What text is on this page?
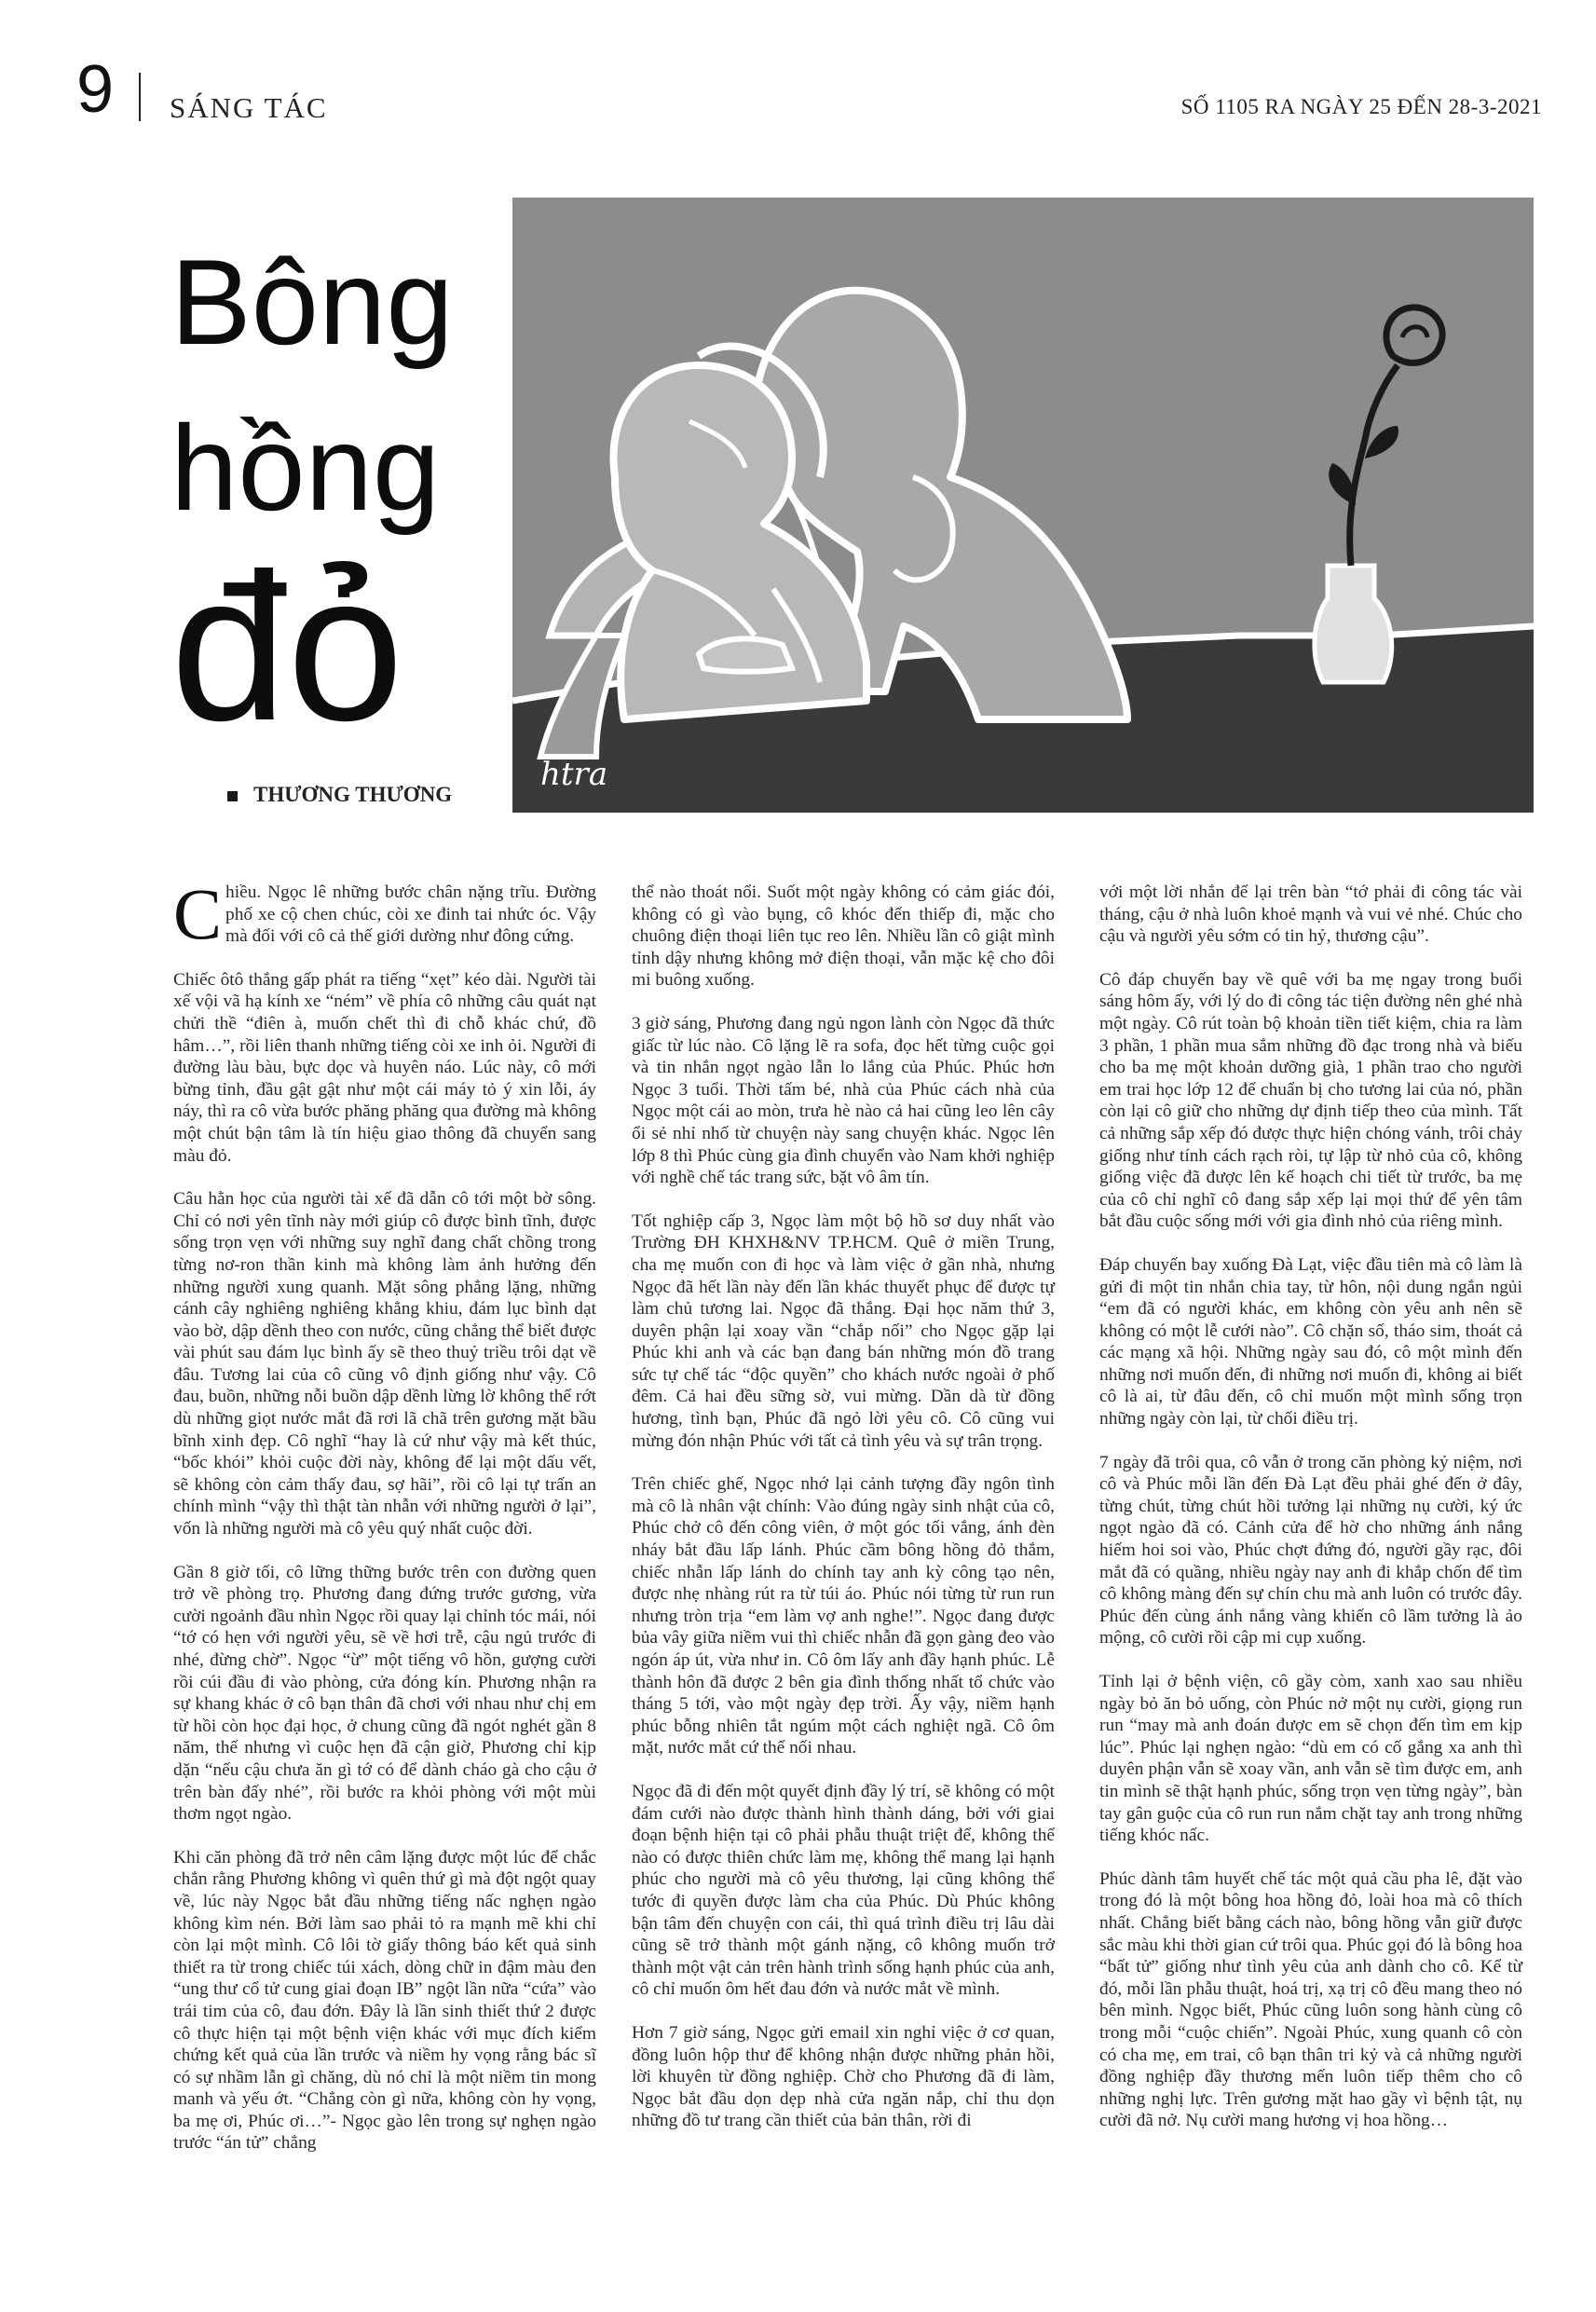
9 SÁNG TÁC	SỐ 1105 RA NGÀY 25 ĐẾN 28-3-2021
Bông
hồng
đỏ
THƯƠNG THƯƠNG
htra

Chiều. Ngọc lê những bước chân nặng trĩu. Đường phố xe cộ chen chúc, còi xe đinh tai nhức óc. Vậy mà đối với cô cả thế giới dường như đông cứng.

Chiếc ôtô thắng gấp phát ra tiếng “xẹt” kéo dài. Người tài xế vội vã hạ kính xe “ném” về phía cô những câu quát nạt chửi thề “điên à, muốn chết thì đi chỗ khác chứ, đồ hâm…”, rồi liên thanh những tiếng còi xe inh ỏi. Người đi đường làu bàu, bực dọc và huyên náo. Lúc này, cô mới bừng tỉnh, đầu gật gật như một cái máy tỏ ý xin lỗi, áy náy, thì ra cô vừa bước phăng phăng qua đường mà không một chút bận tâm là tín hiệu giao thông đã chuyển sang màu đỏ.

Câu hằn học của người tài xế đã dẫn cô tới một bờ sông. Chỉ có nơi yên tĩnh này mới giúp cô được bình tĩnh, được sống trọn vẹn với những suy nghĩ đang chất chồng trong từng nơ-ron thần kinh mà không làm ảnh hưởng đến những người xung quanh. Mặt sông phẳng lặng, những cánh cây nghiêng nghiêng khẳng khiu, đám lục bình dạt vào bờ, dập dềnh theo con nước, cũng chẳng thể biết được vài phút sau đám lục bình ấy sẽ theo thuỷ triều trôi dạt về đâu. Tương lai của cô cũng vô định giống như vậy. Cô đau, buồn, những nỗi buồn dập dềnh lừng lờ không thể rớt dù những giọt nước mắt đã rơi lã chã trên gương mặt bầu bĩnh xinh đẹp. Cô nghĩ “hay là cứ như vậy mà kết thúc, “bốc khói” khỏi cuộc đời này, không để lại một dấu vết, sẽ không còn cảm thấy đau, sợ hãi”, rồi cô lại tự trấn an chính mình “vậy thì thật tàn nhẫn với những người ở lại”, vốn là những người mà cô yêu quý nhất cuộc đời.

Gần 8 giờ tối, cô lững thững bước trên con đường quen trở về phòng trọ. Phương đang đứng trước gương, vừa cười ngoảnh đầu nhìn Ngọc rồi quay lại chỉnh tóc mái, nói “tớ có hẹn với người yêu, sẽ về hơi trễ, cậu ngủ trước đi nhé, đừng chờ”. Ngọc “ừ” một tiếng vô hồn, gượng cười rồi cúi đầu đi vào phòng, cửa đóng kín. Phương nhận ra sự khang khác ở cô bạn thân đã chơi với nhau như chị em từ hồi còn học đại học, ở chung cũng đã ngót nghét gần 8 năm, thế nhưng vì cuộc hẹn đã cận giờ, Phương chỉ kịp dặn “nếu cậu chưa ăn gì tớ có để dành cháo gà cho cậu ở trên bàn đấy nhé”, rồi bước ra khỏi phòng với một mùi thơm ngọt ngào.

Khi căn phòng đã trở nên câm lặng được một lúc để chắc chắn rằng Phương không vì quên thứ gì mà đột ngột quay về, lúc này Ngọc bắt đầu những tiếng nấc nghẹn ngào không kìm nén. Bởi làm sao phải tỏ ra mạnh mẽ khi chỉ còn lại một mình. Cô lôi tờ giấy thông báo kết quả sinh thiết ra từ trong chiếc túi xách, dòng chữ in đậm màu đen “ung thư cổ tử cung giai đoạn IB” ngột lần nữa “cứa” vào trái tim của cô, đau đớn. Đây là lần sinh thiết thứ 2 được cô thực hiện tại một bệnh viện khác với mục đích kiểm chứng kết quả của lần trước và niềm hy vọng rằng bác sĩ có sự nhầm lẫn gì chăng, dù nó chỉ là một niềm tin mong manh và yếu ớt. “Chẳng còn gì nữa, không còn hy vọng, ba mẹ ơi, Phúc ơi…”- Ngọc gào lên trong sự nghẹn ngào trước “án tử” chẳng

thể nào thoát nổi. Suốt một ngày không có cảm giác đói, không có gì vào bụng, cô khóc đến thiếp đi, mặc cho chuông điện thoại liên tục reo lên. Nhiều lần cô giật mình tỉnh dậy nhưng không mở điện thoại, vẫn mặc kệ cho đôi mi buông xuống.

3 giờ sáng, Phương đang ngủ ngon lành còn Ngọc đã thức giấc từ lúc nào. Cô lặng lẽ ra sofa, đọc hết từng cuộc gọi và tin nhắn ngọt ngào lẫn lo lắng của Phúc. Phúc hơn Ngọc 3 tuổi. Thời tấm bé, nhà của Phúc cách nhà của Ngọc một cái ao mòn, trưa hè nào cả hai cũng leo lên cây ổi sẻ nhỉ nhố từ chuyện này sang chuyện khác. Ngọc lên lớp 8 thì Phúc cùng gia đình chuyển vào Nam khởi nghiệp với nghề chế tác trang sức, bặt vô âm tín.

Tốt nghiệp cấp 3, Ngọc làm một bộ hồ sơ duy nhất vào Trường ĐH KHXH&NV TP.HCM. Quê ở miền Trung, cha mẹ muốn con đi học và làm việc ở gần nhà, nhưng Ngọc đã hết lần này đến lần khác thuyết phục để được tự làm chủ tương lai. Ngọc đã thắng. Đại học năm thứ 3, duyên phận lại xoay vần “chắp nối” cho Ngọc gặp lại Phúc khi anh và các bạn đang bán những món đồ trang sức tự chế tác “độc quyền” cho khách nước ngoài ở phố đêm. Cả hai đều sững sờ, vui mừng. Dần dà từ đồng hương, tình bạn, Phúc đã ngỏ lời yêu cô. Cô cũng vui mừng đón nhận Phúc với tất cả tình yêu và sự trân trọng.

Trên chiếc ghế, Ngọc nhớ lại cảnh tượng đầy ngôn tình mà cô là nhân vật chính: Vào đúng ngày sinh nhật của cô, Phúc chở cô đến công viên, ở một góc tối vắng, ánh đèn nháy bắt đầu lấp lánh. Phúc cầm bông hồng đỏ thắm, chiếc nhẫn lấp lánh do chính tay anh kỳ công tạo nên, được nhẹ nhàng rút ra từ túi áo. Phúc nói từng từ run run nhưng tròn trịa “em làm vợ anh nghe!”. Ngọc đang được bủa vây giữa niềm vui thì chiếc nhẫn đã gọn gàng đeo vào ngón áp út, vừa như in. Cô ôm lấy anh đầy hạnh phúc. Lễ thành hôn đã được 2 bên gia đình thống nhất tổ chức vào tháng 5 tới, vào một ngày đẹp trời. Ấy vậy, niềm hạnh phúc bỗng nhiên tắt ngúm một cách nghiệt ngã. Cô ôm mặt, nước mắt cứ thế nối nhau.

Ngọc đã đi đến một quyết định đầy lý trí, sẽ không có một đám cưới nào được thành hình thành dáng, bởi với giai đoạn bệnh hiện tại cô phải phẫu thuật triệt để, không thể nào có được thiên chức làm mẹ, không thể mang lại hạnh phúc cho người mà cô yêu thương, lại cũng không thể tước đi quyền được làm cha của Phúc. Dù Phúc không bận tâm đến chuyện con cái, thì quá trình điều trị lâu dài cũng sẽ trở thành một gánh nặng, cô không muốn trở thành một vật cản trên hành trình sống hạnh phúc của anh, cô chỉ muốn ôm hết đau đớn và nước mắt về mình.

Hơn 7 giờ sáng, Ngọc gửi email xin nghỉ việc ở cơ quan, đồng luôn hộp thư để không nhận được những phản hồi, lời khuyên từ đồng nghiệp. Chờ cho Phương đã đi làm, Ngọc bắt đầu dọn dẹp nhà cửa ngăn nắp, chỉ thu dọn những đồ tư trang cần thiết của bản thân, rời đi

với một lời nhắn để lại trên bàn “tớ phải đi công tác vài tháng, cậu ở nhà luôn khoẻ mạnh và vui vẻ nhé. Chúc cho cậu và người yêu sớm có tin hỷ, thương cậu”.

Cô đáp chuyến bay về quê với ba mẹ ngay trong buổi sáng hôm ấy, với lý do đi công tác tiện đường nên ghé nhà một ngày. Cô rút toàn bộ khoản tiền tiết kiệm, chia ra làm 3 phần, 1 phần mua sắm những đồ đạc trong nhà và biếu cho ba mẹ một khoản dưỡng già, 1 phần trao cho người em trai học lớp 12 để chuẩn bị cho tương lai của nó, phần còn lại cô giữ cho những dự định tiếp theo của mình. Tất cả những sắp xếp đó được thực hiện chóng vánh, trôi chảy giống như tính cách rạch ròi, tự lập từ nhỏ của cô, không giống việc đã được lên kế hoạch chi tiết từ trước, ba mẹ của cô chỉ nghĩ cô đang sắp xếp lại mọi thứ để yên tâm bắt đầu cuộc sống mới với gia đình nhỏ của riêng mình.

Đáp chuyến bay xuống Đà Lạt, việc đầu tiên mà cô làm là gửi đi một tin nhắn chia tay, từ hôn, nội dung ngắn ngủi “em đã có người khác, em không còn yêu anh nên sẽ không có một lễ cưới nào”. Cô chặn số, tháo sim, thoát cả các mạng xã hội. Những ngày sau đó, cô một mình đến những nơi muốn đến, đi những nơi muốn đi, không ai biết cô là ai, từ đâu đến, cô chỉ muốn một mình sống trọn những ngày còn lại, từ chối điều trị.

7 ngày đã trôi qua, cô vẫn ở trong căn phòng kỷ niệm, nơi cô và Phúc mỗi lần đến Đà Lạt đều phải ghé đến ở đây, từng chút, từng chút hồi tưởng lại những nụ cười, ký ức ngọt ngào đã có. Cảnh cửa để hờ cho những ánh nắng hiếm hoi soi vào, Phúc chợt đứng đó, người gầy rạc, đôi mắt đã có quầng, nhiều ngày nay anh đi khắp chốn để tìm cô không màng đến sự chín chu mà anh luôn có trước đây. Phúc đến cùng ánh nắng vàng khiến cô lầm tưởng là ảo mộng, cô cười rồi cập mi cụp xuống.

Tỉnh lại ở bệnh viện, cô gầy còm, xanh xao sau nhiều ngày bỏ ăn bỏ uống, còn Phúc nở một nụ cười, giọng run run “may mà anh đoán được em sẽ chọn đến tìm em kịp lúc”. Phúc lại nghẹn ngào: “dù em có cố gắng xa anh thì duyên phận vẫn sẽ xoay vần, anh vẫn sẽ tìm được em, anh tin mình sẽ thật hạnh phúc, sống trọn vẹn từng ngày”, bàn tay gân guộc của cô run run nắm chặt tay anh trong những tiếng khóc nấc.

Phúc dành tâm huyết chế tác một quả cầu pha lê, đặt vào trong đó là một bông hoa hồng đỏ, loài hoa mà cô thích nhất. Chẳng biết bằng cách nào, bông hồng vẫn giữ được sắc màu khi thời gian cứ trôi qua. Phúc gọi đó là bông hoa “bất tử” giống như tình yêu của anh dành cho cô. Kể từ đó, mỗi lần phẫu thuật, hoá trị, xạ trị cô đều mang theo nó bên mình. Ngọc biết, Phúc cũng luôn song hành cùng cô trong mỗi “cuộc chiến”. Ngoài Phúc, xung quanh cô còn có cha mẹ, em trai, cô bạn thân tri kỷ và cả những người đồng nghiệp đầy thương mến luôn tiếp thêm cho cô những nghị lực. Trên gương mặt hao gầy vì bệnh tật, nụ cười đã nở. Nụ cười mang hương vị hoa hồng…
